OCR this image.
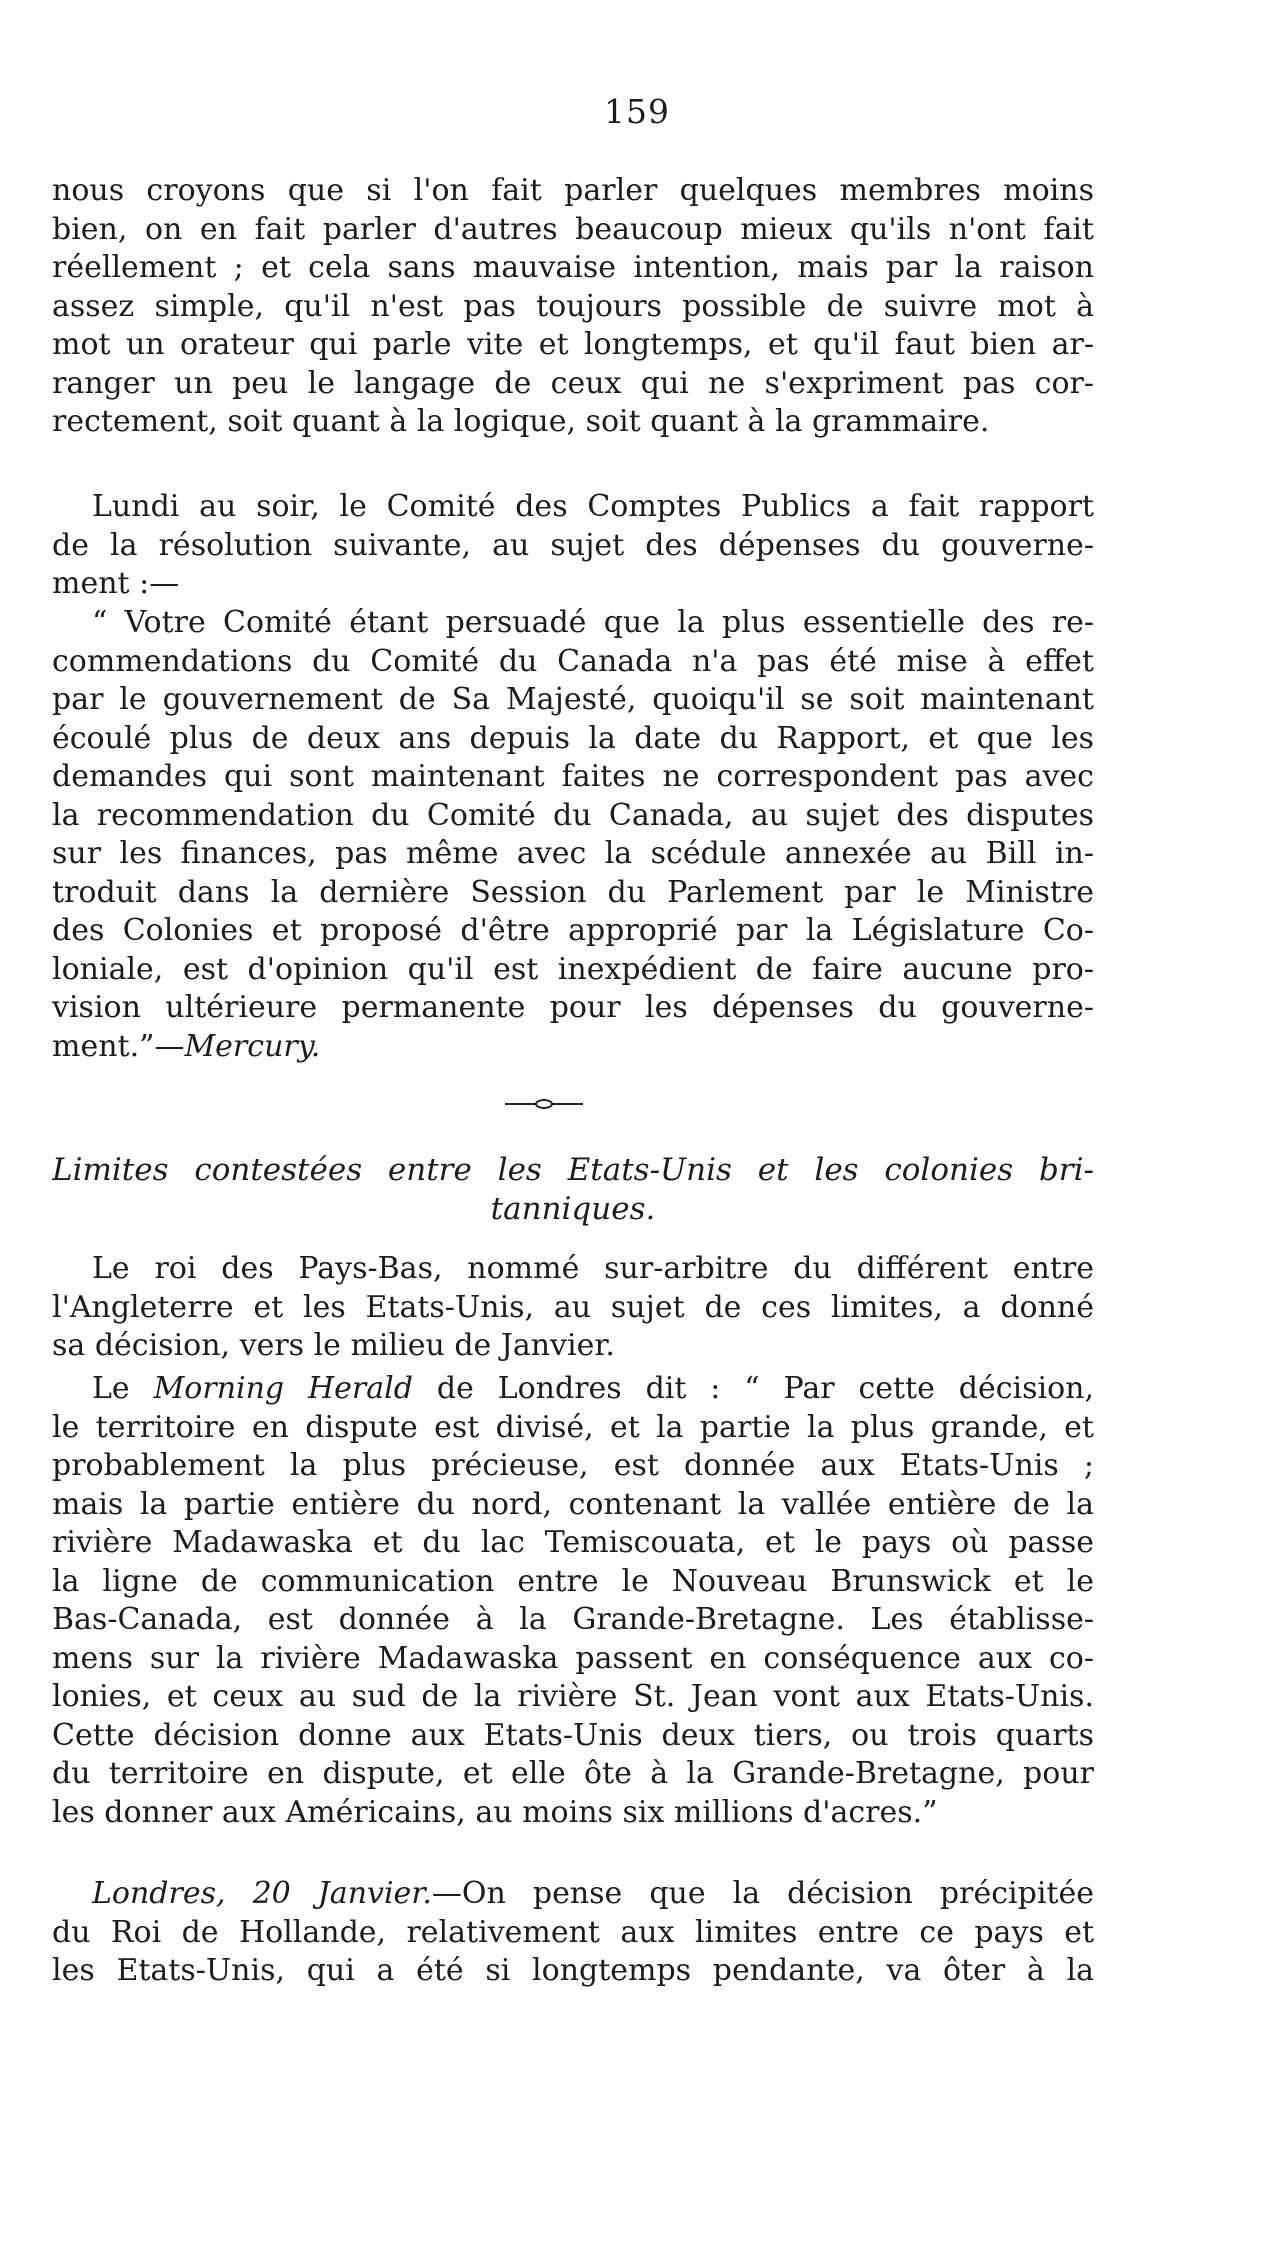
159
nous croyons que si l'on fait parler quelques membres moins
bien, on en fait parler d'autres beaucoup mieux qu'ils n'ont fait
réellement ; et cela sans mauvaise intention, mais par la raison
assez simple, qu'il n'est pas toujours possible de suivre mot à
mot un orateur qui parle vite et longtemps, et qu'il faut bien ar-
ranger un peu le langage de ceux qui ne s'expriment pas cor-
rectement, soit quant à la logique, soit quant à la grammaire.
Lundi au soir, le Comité des Comptes Publics a fait rapport
de la résolution suivante, au sujet des dépenses du gouverne-
ment :—
“ Votre Comité étant persuadé que la plus essentielle des re-
commendations du Comité du Canada n'a pas été mise à effet
par le gouvernement de Sa Majesté, quoiqu'il se soit maintenant
écoulé plus de deux ans depuis la date du Rapport, et que les
demandes qui sont maintenant faites ne correspondent pas avec
la recommendation du Comité du Canada, au sujet des disputes
sur les finances, pas même avec la scédule annexée au Bill in-
troduit dans la dernière Session du Parlement par le Ministre
des Colonies et proposé d'être approprié par la Législature Co-
loniale, est d'opinion qu'il est inexpédient de faire aucune pro-
vision ultérieure permanente pour les dépenses du gouverne-
ment.”—Mercury.
Limites contestées entre les Etats-Unis et les colonies bri-
tanniques.
Le roi des Pays-Bas, nommé sur-arbitre du différent entre
l'Angleterre et les Etats-Unis, au sujet de ces limites, a donné
sa décision, vers le milieu de Janvier.
Le Morning Herald de Londres dit : “ Par cette décision,
le territoire en dispute est divisé, et la partie la plus grande, et
probablement la plus précieuse, est donnée aux Etats-Unis ;
mais la partie entière du nord, contenant la vallée entière de la
rivière Madawaska et du lac Temiscouata, et le pays où passe
la ligne de communication entre le Nouveau Brunswick et le
Bas-Canada, est donnée à la Grande-Bretagne. Les établisse-
mens sur la rivière Madawaska passent en conséquence aux co-
lonies, et ceux au sud de la rivière St. Jean vont aux Etats-Unis.
Cette décision donne aux Etats-Unis deux tiers, ou trois quarts
du territoire en dispute, et elle ôte à la Grande-Bretagne, pour
les donner aux Américains, au moins six millions d'acres.”
Londres, 20 Janvier.—On pense que la décision précipitée
du Roi de Hollande, relativement aux limites entre ce pays et
les Etats-Unis, qui a été si longtemps pendante, va ôter à la
